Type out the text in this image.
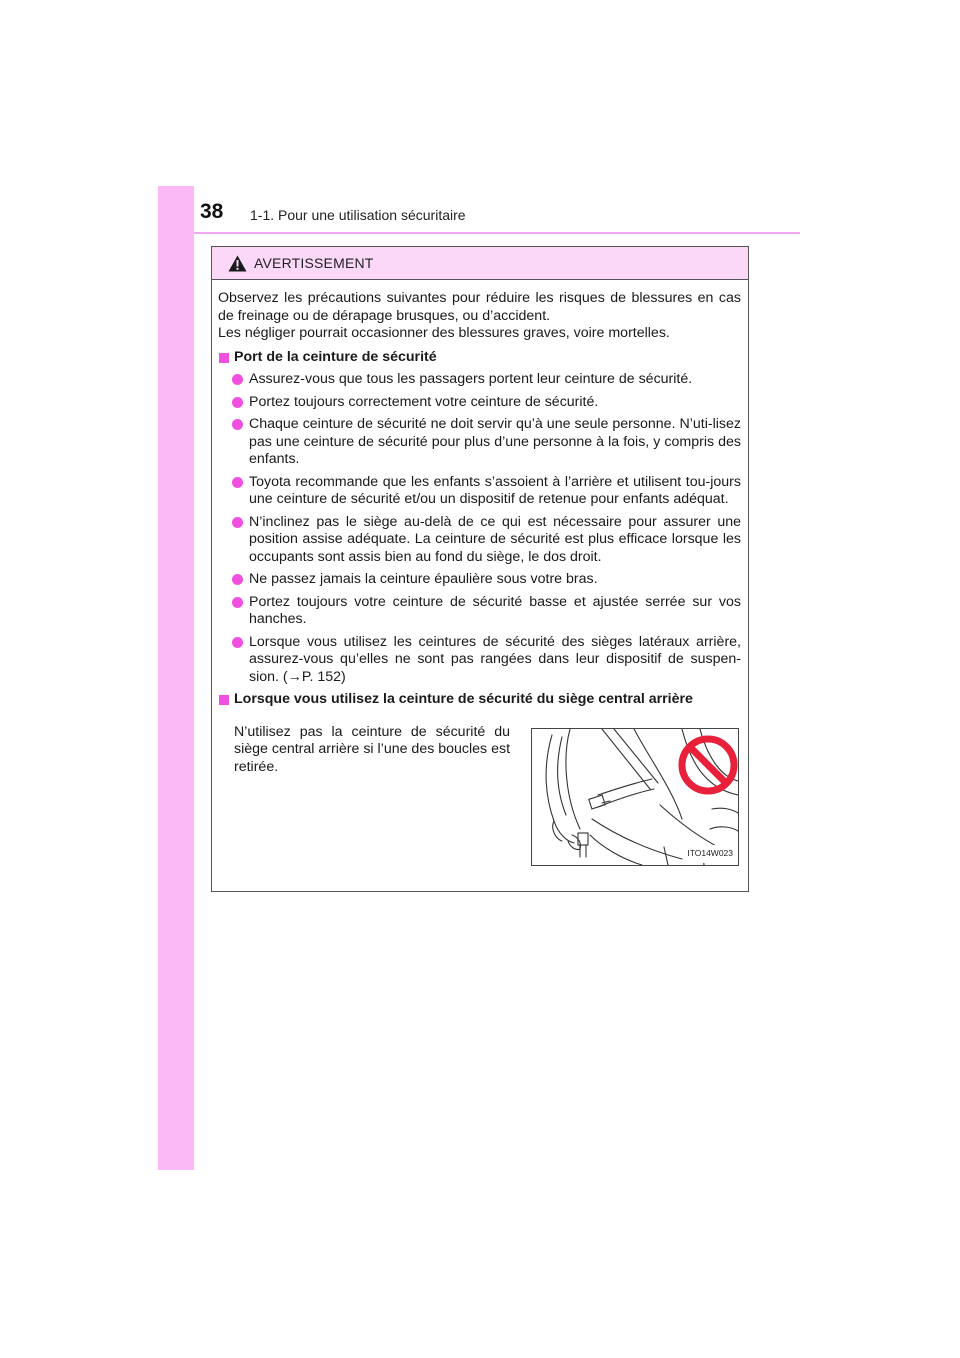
38 1-1. Pour une utilisation sécuritaire
AVERTISSEMENT

Observez les précautions suivantes pour réduire les risques de blessures en cas de freinage ou de dérapage brusques, ou d’accident.
Les négliger pourrait occasionner des blessures graves, voire mortelles.

Port de la ceinture de sécurité
Assurez-vous que tous les passagers portent leur ceinture de sécurité.
Portez toujours correctement votre ceinture de sécurité.
Chaque ceinture de sécurité ne doit servir qu’à une seule personne. N’uti-lisez pas une ceinture de sécurité pour plus d’une personne à la fois, y compris des enfants.
Toyota recommande que les enfants s’assoient à l’arrière et utilisent tou-jours une ceinture de sécurité et/ou un dispositif de retenue pour enfants adéquat.
N’inclinez pas le siège au-delà de ce qui est nécessaire pour assurer une position assise adéquate. La ceinture de sécurité est plus efficace lorsque les occupants sont assis bien au fond du siège, le dos droit.
Ne passez jamais la ceinture épaulière sous votre bras.
Portez toujours votre ceinture de sécurité basse et ajustée serrée sur vos hanches.
Lorsque vous utilisez les ceintures de sécurité des sièges latéraux arrière, assurez-vous qu’elles ne sont pas rangées dans leur dispositif de suspen-sion. (→P. 152)
Lorsque vous utilisez la ceinture de sécurité du siège central arrière
N’utilisez pas la ceinture de sécurité du siège central arrière si l’une des boucles est retirée.
ITO14W023
